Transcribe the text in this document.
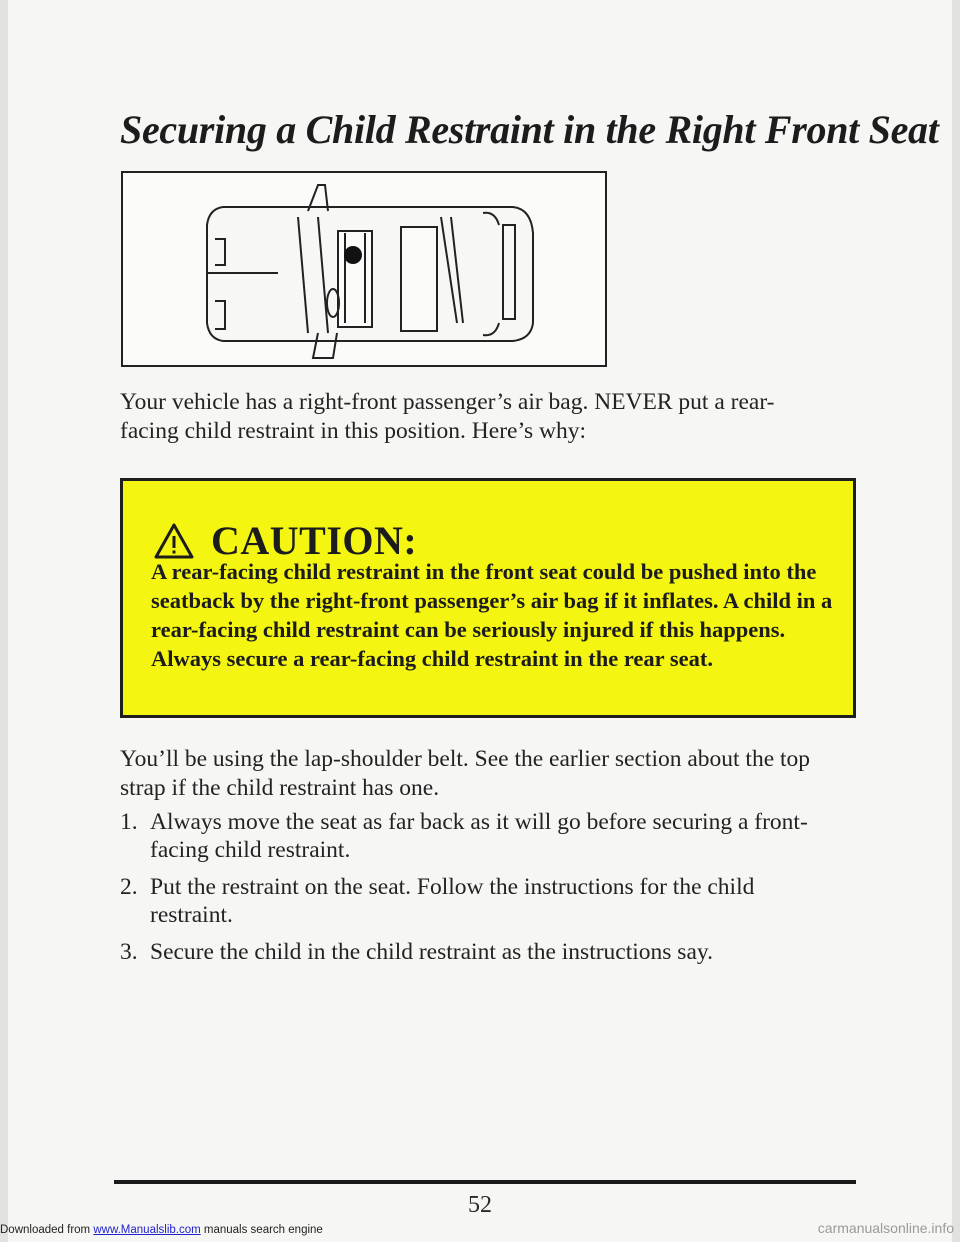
Securing a Child Restraint in the Right Front Seat

Your vehicle has a right-front passenger’s air bag. NEVER put a rear-facing child restraint in this position. Here’s why:

CAUTION:

A rear-facing child restraint in the front seat could be pushed into the seatback by the right-front passenger’s air bag if it inflates. A child in a rear-facing child restraint can be seriously injured if this happens. Always secure a rear-facing child restraint in the rear seat.

You’ll be using the lap-shoulder belt. See the earlier section about the top strap if the child restraint has one.

1. Always move the seat as far back as it will go before securing a front-facing child restraint.
2. Put the restraint on the seat. Follow the instructions for the child restraint.
3. Secure the child in the child restraint as the instructions say.
52
Downloaded from www.Manualslib.com manuals search engine	carmanualsonline.info
